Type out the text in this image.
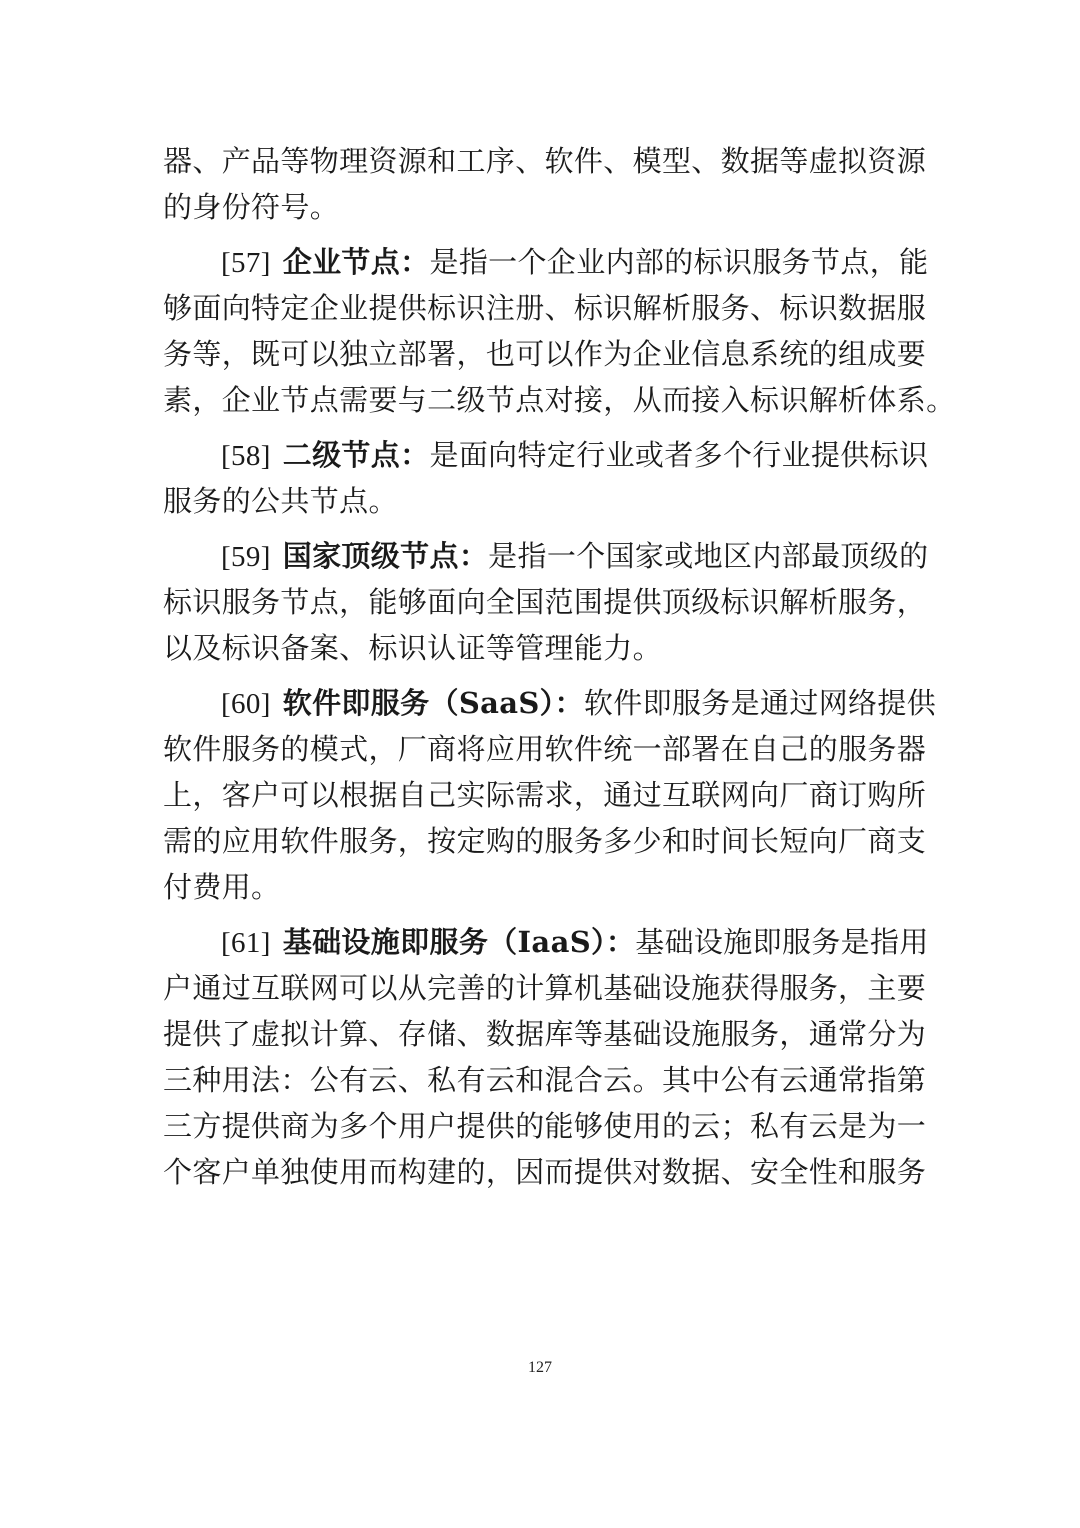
器、产品等物理资源和工序、软件、模型、数据等虚拟资源
的身份符号。
[57] 企业节点：是指一个企业内部的标识服务节点，能
够面向特定企业提供标识注册、标识解析服务、标识数据服
务等，既可以独立部署，也可以作为企业信息系统的组成要
素，企业节点需要与二级节点对接，从而接入标识解析体系。
[58] 二级节点：是面向特定行业或者多个行业提供标识
服务的公共节点。
[59] 国家顶级节点：是指一个国家或地区内部最顶级的
标识服务节点，能够面向全国范围提供顶级标识解析服务，
以及标识备案、标识认证等管理能力。
[60] 软件即服务（SaaS）：软件即服务是通过网络提供
软件服务的模式，厂商将应用软件统一部署在自己的服务器
上，客户可以根据自己实际需求，通过互联网向厂商订购所
需的应用软件服务，按定购的服务多少和时间长短向厂商支
付费用。
[61] 基础设施即服务（IaaS）：基础设施即服务是指用
户通过互联网可以从完善的计算机基础设施获得服务，主要
提供了虚拟计算、存储、数据库等基础设施服务，通常分为
三种用法：公有云、私有云和混合云。其中公有云通常指第
三方提供商为多个用户提供的能够使用的云；私有云是为一
个客户单独使用而构建的，因而提供对数据、安全性和服务
127
